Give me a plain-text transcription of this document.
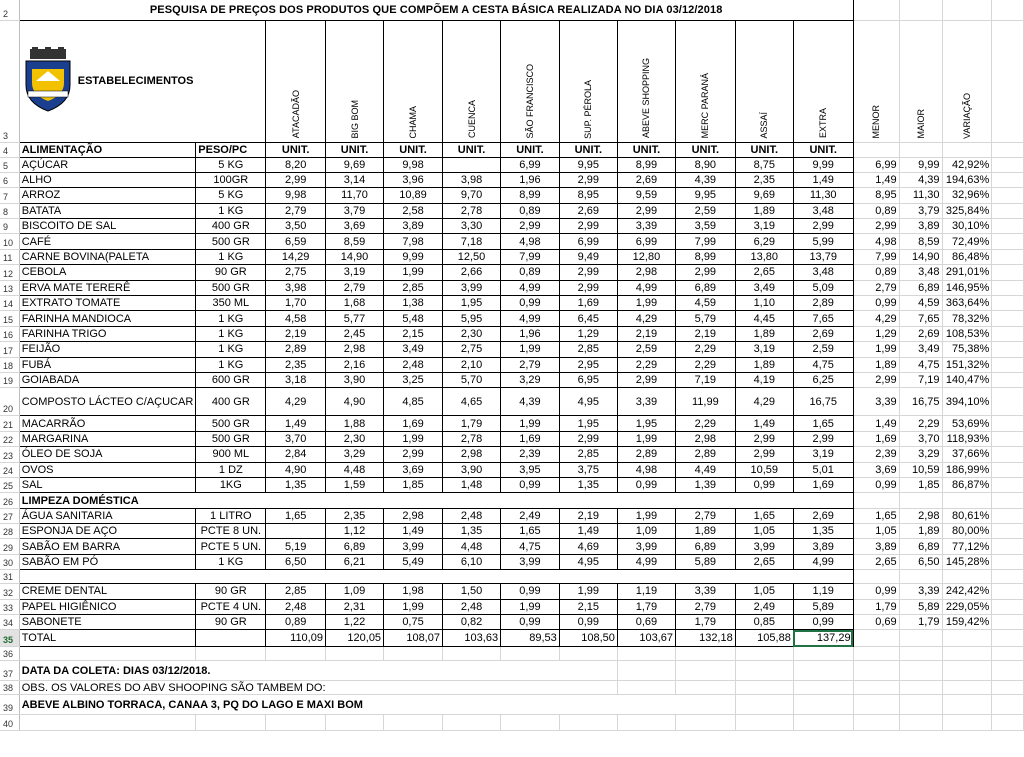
2	PESQUISA DE PREÇOS DOS PRODUTOS QUE COMPÕEM A CESTA BÁSICA REALIZADA NO DIA 03/12/2018															
3	ESTABELECIMENTOS		ATACADÃO	BIG BOM	CHAMA	CUENCA	SÃO FRANCISCO	SUP. PÉROLA	ABEVE SHOPPING	MERC PARANÁ	ASSAÍ	EXTRA	MENOR	MAIOR	VARIAÇÃO	
4	ALIMENTAÇÃO	PESO/PC	UNIT.	UNIT.	UNIT.	UNIT.	UNIT.	UNIT.	UNIT.	UNIT.	UNIT.	UNIT.				
5	AÇÚCAR	5 KG	8,20	9,69	9,98		6,99	9,95	8,99	8,90	8,75	9,99	6,99	9,99	42,92%	
6	ALHO	100GR	2,99	3,14	3,96	3,98	1,96	2,99	2,69	4,39	2,35	1,49	1,49	4,39	194,63%	
7	ARROZ	5 KG	9,98	11,70	10,89	9,70	8,99	8,95	9,59	9,95	9,69	11,30	8,95	11,30	32,96%	
8	BATATA	1 KG	2,79	3,79	2,58	2,78	0,89	2,69	2,99	2,59	1,89	3,48	0,89	3,79	325,84%	
9	BISCOITO DE SAL	400 GR	3,50	3,69	3,89	3,30	2,99	2,99	3,39	3,59	3,19	2,99	2,99	3,89	30,10%	
10	CAFÉ	500 GR	6,59	8,59	7,98	7,18	4,98	6,99	6,99	7,99	6,29	5,99	4,98	8,59	72,49%	
11	CARNE BOVINA(PALETA	1 KG	14,29	14,90	9,99	12,50	7,99	9,49	12,80	8,99	13,80	13,79	7,99	14,90	86,48%	
12	CEBOLA	90 GR	2,75	3,19	1,99	2,66	0,89	2,99	2,98	2,99	2,65	3,48	0,89	3,48	291,01%	
13	ERVA MATE TERERÊ	500 GR	3,98	2,79	2,85	3,99	4,99	2,99	4,99	6,89	3,49	5,09	2,79	6,89	146,95%	
14	EXTRATO TOMATE	350 ML	1,70	1,68	1,38	1,95	0,99	1,69	1,99	4,59	1,10	2,89	0,99	4,59	363,64%	
15	FARINHA MANDIOCA	1 KG	4,58	5,77	5,48	5,95	4,99	6,45	4,29	5,79	4,45	7,65	4,29	7,65	78,32%	
16	FARINHA TRIGO	1 KG	2,19	2,45	2,15	2,30	1,96	1,29	2,19	2,19	1,89	2,69	1,29	2,69	108,53%	
17	FEIJÃO	1 KG	2,89	2,98	3,49	2,75	1,99	2,85	2,59	2,29	3,19	2,59	1,99	3,49	75,38%	
18	FUBÁ	1 KG	2,35	2,16	2,48	2,10	2,79	2,95	2,29	2,29	1,89	4,75	1,89	4,75	151,32%	
19	GOIABADA	600 GR	3,18	3,90	3,25	5,70	3,29	6,95	2,99	7,19	4,19	6,25	2,99	7,19	140,47%	
20	COMPOSTO LÁCTEO C/AÇUCAR	400 GR	4,29	4,90	4,85	4,65	4,39	4,95	3,39	11,99	4,29	16,75	3,39	16,75	394,10%	
21	MACARRÃO	500 GR	1,49	1,88	1,69	1,79	1,99	1,95	1,95	2,29	1,49	1,65	1,49	2,29	53,69%	
22	MARGARINA	500 GR	3,70	2,30	1,99	2,78	1,69	2,99	1,99	2,98	2,99	2,99	1,69	3,70	118,93%	
23	ÓLEO DE SOJA	900 ML	2,84	3,29	2,99	2,98	2,39	2,85	2,89	2,89	2,99	3,19	2,39	3,29	37,66%	
24	OVOS	1 DZ	4,90	4,48	3,69	3,90	3,95	3,75	4,98	4,49	10,59	5,01	3,69	10,59	186,99%	
25	SAL	1KG	1,35	1,59	1,85	1,48	0,99	1,35	0,99	1,39	0,99	1,69	0,99	1,85	86,87%	
26	LIMPEZA DOMÉSTICA															
27	ÁGUA SANITARIA	1 LITRO	1,65	2,35	2,98	2,48	2,49	2,19	1,99	2,79	1,65	2,69	1,65	2,98	80,61%	
28	ESPONJA DE AÇO	PCTE 8 UN.		1,12	1,49	1,35	1,65	1,49	1,09	1,89	1,05	1,35	1,05	1,89	80,00%	
29	SABÃO EM BARRA	PCTE 5 UN.	5,19	6,89	3,99	4,48	4,75	4,69	3,99	6,89	3,99	3,89	3,89	6,89	77,12%	
30	SABÃO EM PÓ	1 KG	6,50	6,21	5,49	6,10	3,99	4,95	4,99	5,89	2,65	4,99	2,65	6,50	145,28%	
31																
32	CREME DENTAL	90 GR	2,85	1,09	1,98	1,50	0,99	1,99	1,19	3,39	1,05	1,19	0,99	3,39	242,42%	
33	PAPEL HIGIÊNICO	PCTE 4 UN.	2,48	2,31	1,99	2,48	1,99	2,15	1,79	2,79	2,49	5,89	1,79	5,89	229,05%	
34	SABONETE	90 GR	0,89	1,22	0,75	0,82	0,99	0,99	0,69	1,79	0,85	0,99	0,69	1,79	159,42%	
35	TOTAL		110,09	120,05	108,07	103,63	89,53	108,50	103,67	132,18	105,88	137,29				
36																
37	DATA DA COLETA: DIAS 03/12/2018.															
38	OBS. OS VALORES DO ABV SHOOPING SÃO TAMBEM DO:															
39	ABEVE ALBINO TORRACA, CANAA 3, PQ DO LAGO E MAXI BOM															
40																
